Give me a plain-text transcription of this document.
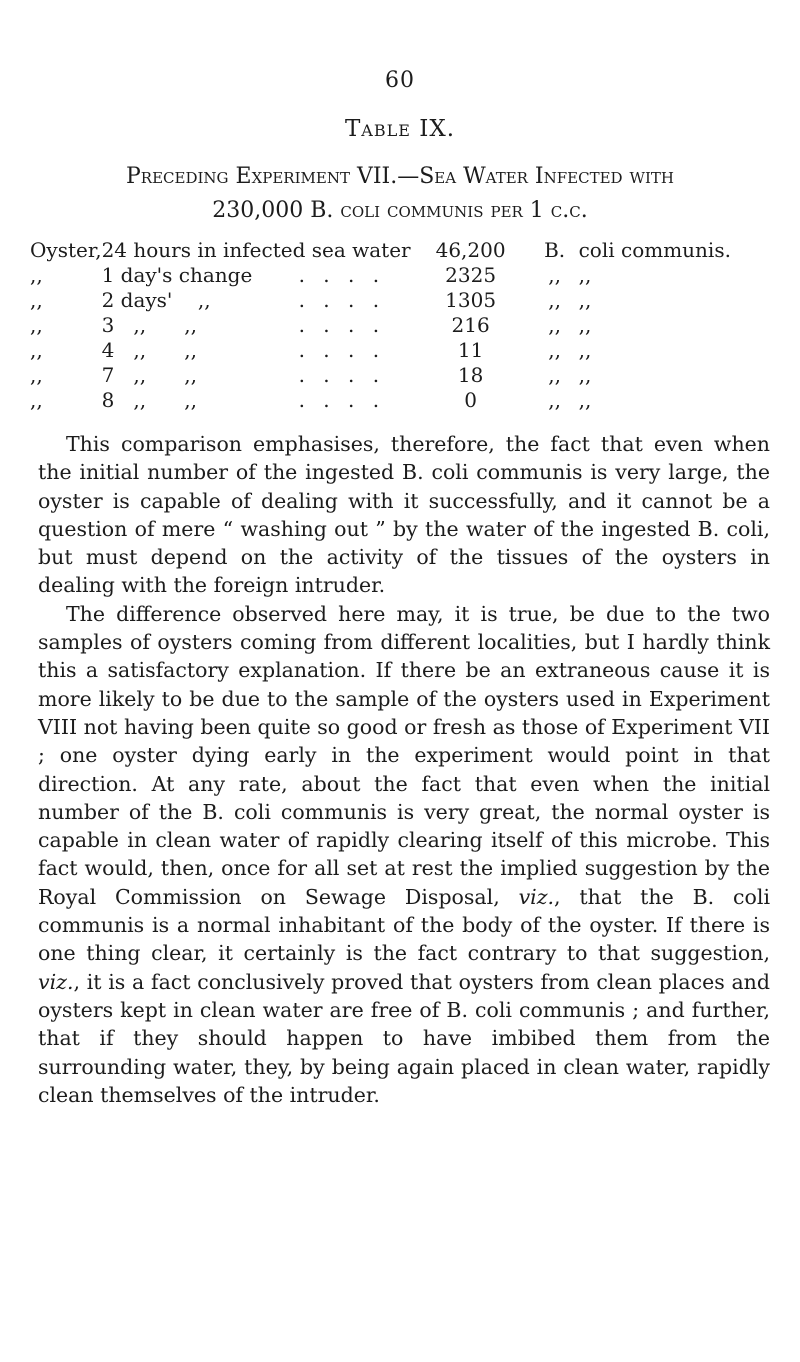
60
Table IX.
Preceding Experiment VII.—Sea Water Infected with
230,000 B. coli communis per 1 c.c.
Oyster,	24 hours in infected sea water		46,200	B.	coli communis.
,,	1 day's change	. . . .	2325	,,	,,
,,	2 days'    ,,	. . . .	1305	,,	,,
,,	3   ,,      ,,	. . . .	216	,,	,,
,,	4   ,,      ,,	. . . .	11	,,	,,
,,	7   ,,      ,,	. . . .	18	,,	,,
,,	8   ,,      ,,	. . . .	0	,,	,,

This comparison emphasises, therefore, the fact that even when the initial number of the ingested B. coli communis is very large, the oyster is capable of dealing with it successfully, and it cannot be a question of mere “ washing out ” by the water of the ingested B. coli, but must depend on the activity of the tissues of the oysters in dealing with the foreign intruder.

The difference observed here may, it is true, be due to the two samples of oysters coming from different localities, but I hardly think this a satisfactory explanation. If there be an extraneous cause it is more likely to be due to the sample of the oysters used in Experiment VIII not having been quite so good or fresh as those of Experiment VII ; one oyster dying early in the experiment would point in that direction. At any rate, about the fact that even when the initial number of the B. coli communis is very great, the normal oyster is capable in clean water of rapidly clearing itself of this microbe. This fact would, then, once for all set at rest the implied suggestion by the Royal Commission on Sewage Disposal, viz., that the B. coli communis is a normal inhabitant of the body of the oyster. If there is one thing clear, it certainly is the fact contrary to that suggestion, viz., it is a fact conclusively proved that oysters from clean places and oysters kept in clean water are free of B. coli communis ; and further, that if they should happen to have imbibed them from the surrounding water, they, by being again placed in clean water, rapidly clean themselves of the intruder.
